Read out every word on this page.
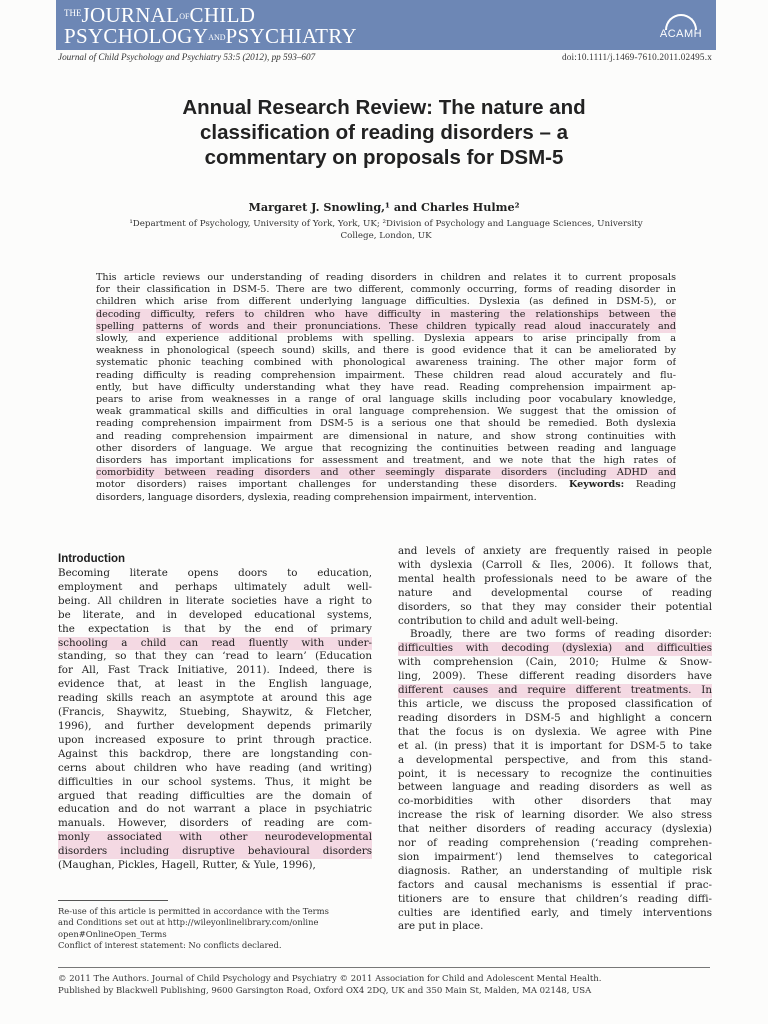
$^{THE}$JOURNALOFCHILD
PSYCHOLOGYANDPSYCHIATRY	ACAMH
Journal of Child Psychology and Psychiatry 53:5 (2012), pp 593–607	doi:10.1111/j.1469-7610.2011.02495.x
Annual Research Review: The nature and
classification of reading disorders – a
commentary on proposals for DSM-5
Margaret J. Snowling,¹ and Charles Hulme²
¹Department of Psychology, University of York, York, UK; ²Division of Psychology and Language Sciences, University
College, London, UK
This article reviews our understanding of reading disorders in children and relates it to current proposals
for their classification in DSM-5. There are two different, commonly occurring, forms of reading disorder in
children which arise from different underlying language difficulties. Dyslexia (as defined in DSM-5), or
decoding difficulty, refers to children who have difficulty in mastering the relationships between the
spelling patterns of words and their pronunciations. These children typically read aloud inaccurately and
slowly, and experience additional problems with spelling. Dyslexia appears to arise principally from a
weakness in phonological (speech sound) skills, and there is good evidence that it can be ameliorated by
systematic phonic teaching combined with phonological awareness training. The other major form of
reading difficulty is reading comprehension impairment. These children read aloud accurately and flu-
ently, but have difficulty understanding what they have read. Reading comprehension impairment ap-
pears to arise from weaknesses in a range of oral language skills including poor vocabulary knowledge,
weak grammatical skills and difficulties in oral language comprehension. We suggest that the omission of
reading comprehension impairment from DSM-5 is a serious one that should be remedied. Both dyslexia
and reading comprehension impairment are dimensional in nature, and show strong continuities with
other disorders of language. We argue that recognizing the continuities between reading and language
disorders has important implications for assessment and treatment, and we note that the high rates of
comorbidity between reading disorders and other seemingly disparate disorders (including ADHD and
motor disorders) raises important challenges for understanding these disorders. Keywords: Reading
disorders, language disorders, dyslexia, reading comprehension impairment, intervention.
Introduction
Becoming literate opens doors to education,
employment and perhaps ultimately adult well-
being. All children in literate societies have a right to
be literate, and in developed educational systems,
the expectation is that by the end of primary
schooling a child can read fluently with under-
standing, so that they can ‘read to learn’ (Education
for All, Fast Track Initiative, 2011). Indeed, there is
evidence that, at least in the English language,
reading skills reach an asymptote at around this age
(Francis, Shaywitz, Stuebing, Shaywitz, & Fletcher,
1996), and further development depends primarily
upon increased exposure to print through practice.
Against this backdrop, there are longstanding con-
cerns about children who have reading (and writing)
difficulties in our school systems. Thus, it might be
argued that reading difficulties are the domain of
education and do not warrant a place in psychiatric
manuals. However, disorders of reading are com-
monly associated with other neurodevelopmental
disorders including disruptive behavioural disorders
(Maughan, Pickles, Hagell, Rutter, & Yule, 1996),
and levels of anxiety are frequently raised in people
with dyslexia (Carroll & Iles, 2006). It follows that,
mental health professionals need to be aware of the
nature and developmental course of reading
disorders, so that they may consider their potential
contribution to child and adult well-being.
Broadly, there are two forms of reading disorder:
difficulties with decoding (dyslexia) and difficulties
with comprehension (Cain, 2010; Hulme & Snow-
ling, 2009). These different reading disorders have
different causes and require different treatments. In
this article, we discuss the proposed classification of
reading disorders in DSM-5 and highlight a concern
that the focus is on dyslexia. We agree with Pine
et al. (in press) that it is important for DSM-5 to take
a developmental perspective, and from this stand-
point, it is necessary to recognize the continuities
between language and reading disorders as well as
co-morbidities with other disorders that may
increase the risk of learning disorder. We also stress
that neither disorders of reading accuracy (dyslexia)
nor of reading comprehension (‘reading comprehen-
sion impairment’) lend themselves to categorical
diagnosis. Rather, an understanding of multiple risk
factors and causal mechanisms is essential if prac-
titioners are to ensure that children’s reading diffi-
culties are identified early, and timely interventions
are put in place.
Re-use of this article is permitted in accordance with the Terms
and Conditions set out at http://wileyonlinelibrary.com/online
open#OnlineOpen_Terms
Conflict of interest statement: No conflicts declared.
© 2011 The Authors. Journal of Child Psychology and Psychiatry © 2011 Association for Child and Adolescent Mental Health.
Published by Blackwell Publishing, 9600 Garsington Road, Oxford OX4 2DQ, UK and 350 Main St, Malden, MA 02148, USA
